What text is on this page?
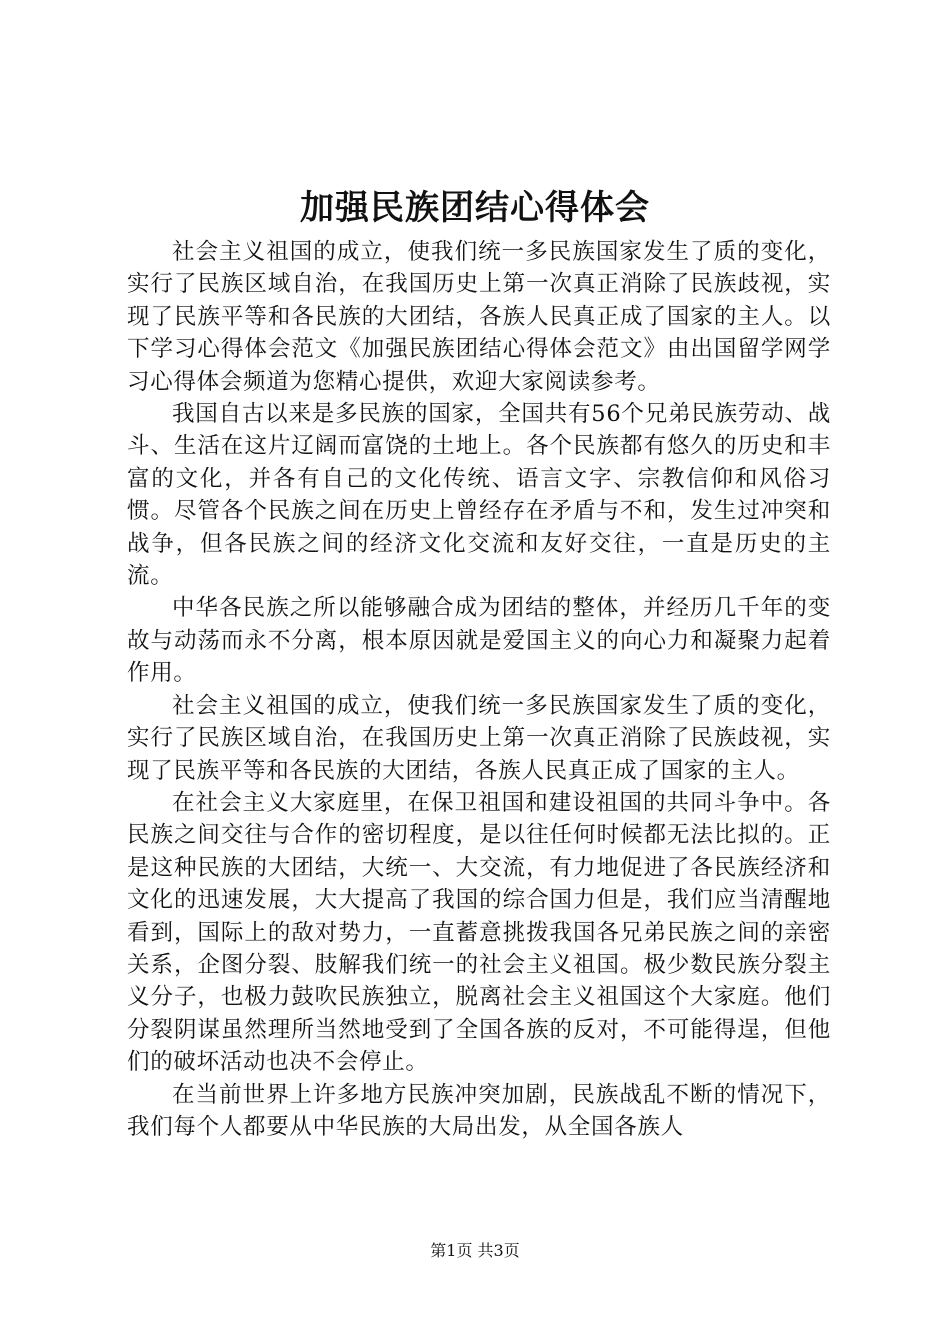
加强民族团结心得体会

社会主义祖国的成立，使我们统一多民族国家发生了质的变化，实行了民族区域自治，在我国历史上第一次真正消除了民族歧视，实现了民族平等和各民族的大团结，各族人民真正成了国家的主人。以下学习心得体会范文《加强民族团结心得体会范文》由出国留学网学习心得体会频道为您精心提供，欢迎大家阅读参考。

我国自古以来是多民族的国家，全国共有56个兄弟民族劳动、战斗、生活在这片辽阔而富饶的土地上。各个民族都有悠久的历史和丰富的文化，并各有自己的文化传统、语言文字、宗教信仰和风俗习惯。尽管各个民族之间在历史上曾经存在矛盾与不和，发生过冲突和战争，但各民族之间的经济文化交流和友好交往，一直是历史的主流。

中华各民族之所以能够融合成为团结的整体，并经历几千年的变故与动荡而永不分离，根本原因就是爱国主义的向心力和凝聚力起着作用。

社会主义祖国的成立，使我们统一多民族国家发生了质的变化，实行了民族区域自治，在我国历史上第一次真正消除了民族歧视，实现了民族平等和各民族的大团结，各族人民真正成了国家的主人。

在社会主义大家庭里，在保卫祖国和建设祖国的共同斗争中。各民族之间交往与合作的密切程度，是以往任何时候都无法比拟的。正是这种民族的大团结，大统一、大交流，有力地促进了各民族经济和文化的迅速发展，大大提高了我国的综合国力但是，我们应当清醒地看到，国际上的敌对势力，一直蓄意挑拨我国各兄弟民族之间的亲密关系，企图分裂、肢解我们统一的社会主义祖国。极少数民族分裂主义分子，也极力鼓吹民族独立，脱离社会主义祖国这个大家庭。他们分裂阴谋虽然理所当然地受到了全国各族的反对，不可能得逞，但他们的破坏活动也决不会停止。

在当前世界上许多地方民族冲突加剧，民族战乱不断的情况下，我们每个人都要从中华民族的大局出发，从全国各族人

第1页 共3页
